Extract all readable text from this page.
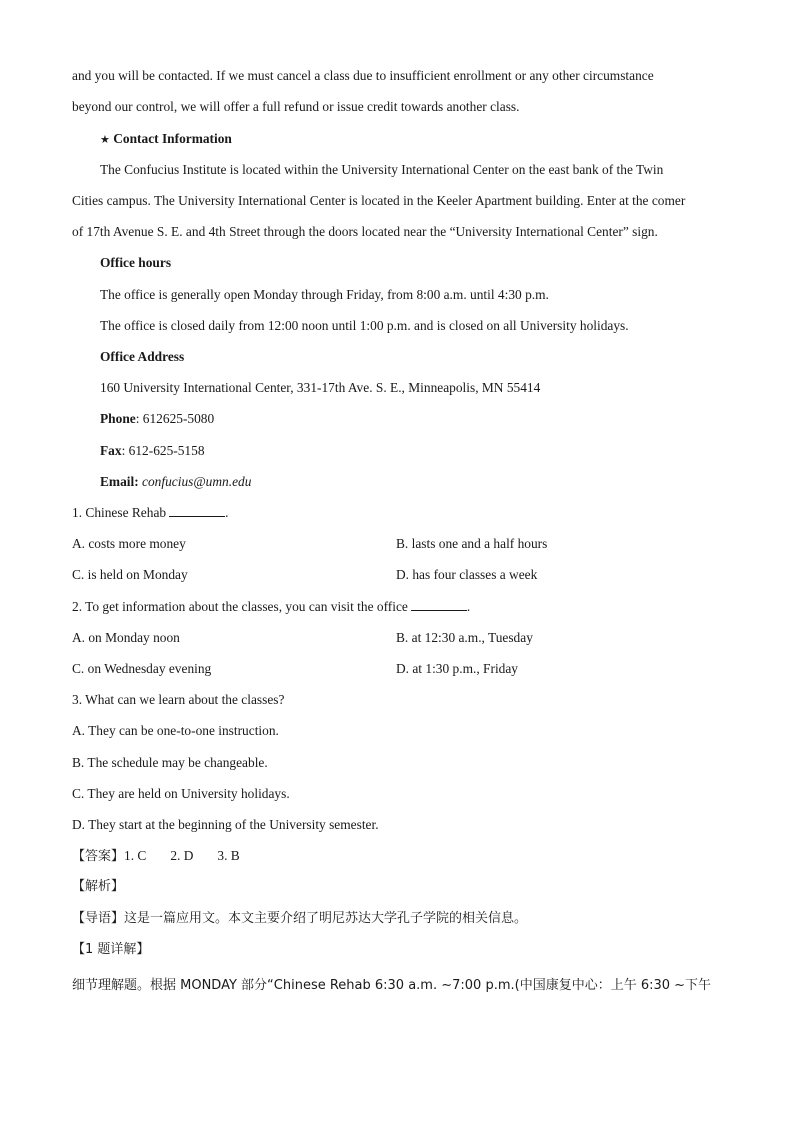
and you will be contacted. If we must cancel a class due to insufficient enrollment or any other circumstance
beyond our control, we will offer a full refund or issue credit towards another class.
★ Contact Information
The Confucius Institute is located within the University International Center on the east bank of the Twin
Cities campus. The University International Center is located in the Keeler Apartment building. Enter at the comer
of 17th Avenue S. E. and 4th Street through the doors located near the “University International Center” sign.
Office hours
The office is generally open Monday through Friday, from 8:00 a.m. until 4:30 p.m.
The office is closed daily from 12:00 noon until 1:00 p.m. and is closed on all University holidays.
Office Address
160 University International Center, 331-17th Ave. S. E., Minneapolis, MN 55414
Phone: 612625-5080
Fax: 612-625-5158
Email: confucius@umn.edu
1. Chinese Rehab	.
A. costs more money	B. lasts one and a half hours
C. is held on Monday	D. has four classes a week
2. To get information about the classes, you can visit the office	.
A. on Monday noon	B. at 12:30 a.m., Tuesday
C. on Wednesday evening	D. at 1:30 p.m., Friday
3. What can we learn about the classes?
A. They can be one-to-one instruction.
B. The schedule may be changeable.
C. They are held on University holidays.
D. They start at the beginning of the University semester.
【答案】1. C 2. D 3. B
【解析】
【导语】这是一篇应用文。本文主要介绍了明尼苏达大学孔子学院的相关信息。
【1 题详解】
细节理解题。根据 MONDAY 部分“Chinese Rehab 6:30 a.m. ∼7:00 p.m.(中国康复中心：上午 6:30 ~下午
